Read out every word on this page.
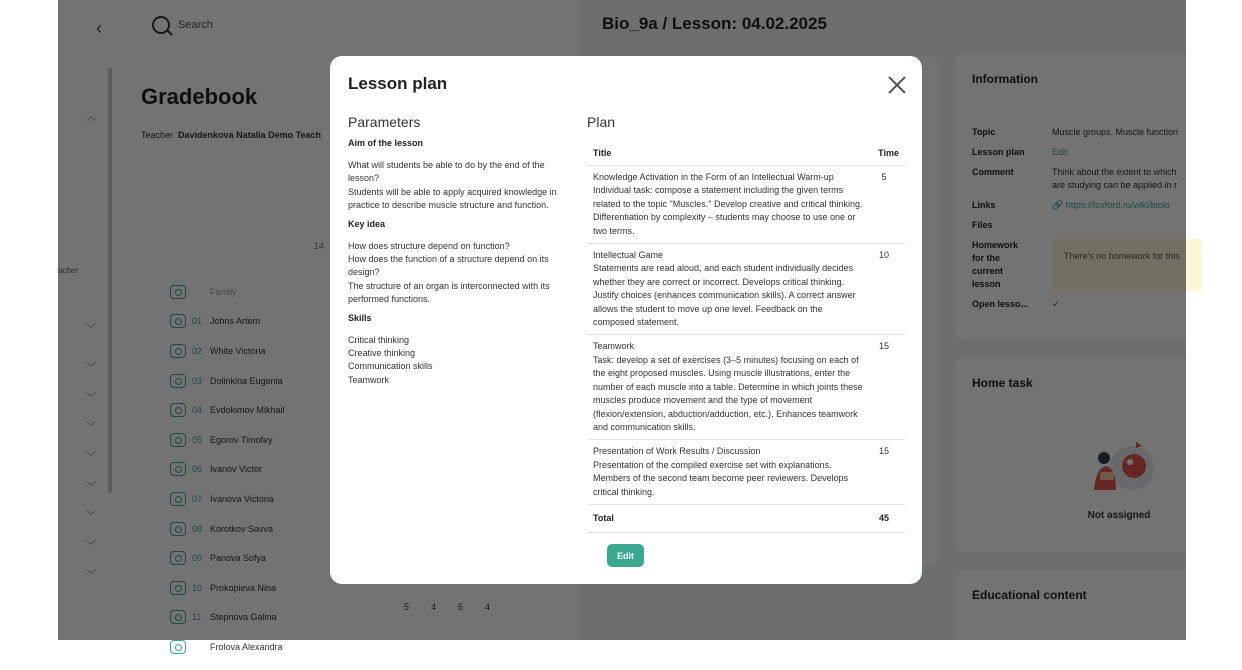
Frolova Alexandra

Lesson plan
Parameters
Aim of the lesson
What will students be able to do by the end of the lesson?
Students will be able to apply acquired knowledge in practice to describe muscle structure and function.
Key idea
How does structure depend on function?
How does the function of a structure depend on its design?
The structure of an organ is interconnected with its performed functions.
Skills
Critical thinking
Creative thinking
Communication skills
Teamwork
Plan
Title	Time

Knowledge Activation in the Form of an Intellectual Warm-up
Individual task: compose a statement including the given terms related to the topic "Muscles." Develop creative and critical thinking. Differentiation by complexity – students may choose to use one or two terms.	5

Intellectual Game
Statements are read aloud, and each student individually decides whether they are correct or incorrect. Develops critical thinking. Justify choices (enhances communication skills). A correct answer allows the student to move up one level. Feedback on the composed statement.	10

Teamwork
Task: develop a set of exercises (3–5 minutes) focusing on each of the eight proposed muscles. Using muscle illustrations, enter the number of each muscle into a table. Determine in which joints these muscles produce movement and the type of movement (flexion/extension, abduction/adduction, etc.). Enhances teamwork and communication skills.	15

Presentation of Work Results / Discussion
Presentation of the compiled exercise set with explanations. Members of the second team become peer reviewers. Develops critical thinking.	15
Total	45
Edit
